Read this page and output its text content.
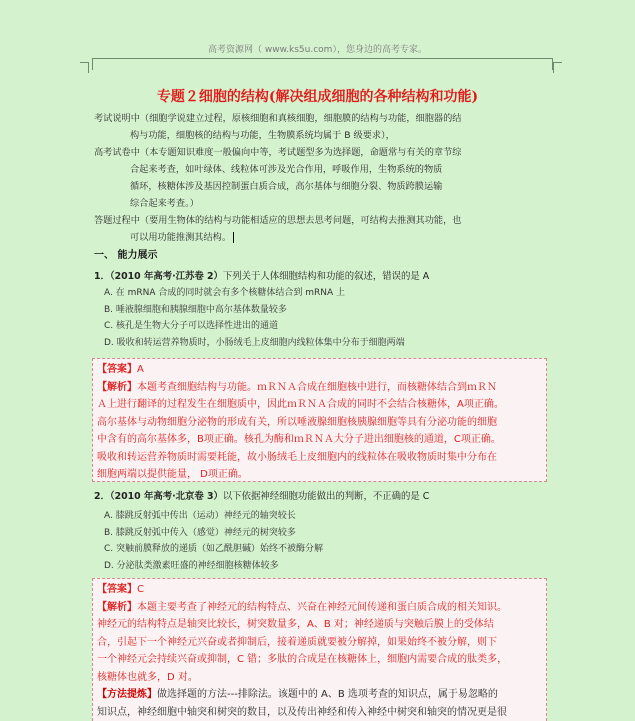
高考资源网（ www.ks5u.com），您身边的高考专家。
专题２细胞的结构(解决组成细胞的各种结构和功能)

考试说明中（细胞学说建立过程，原核细胞和真核细胞，细胞膜的结构与功能，细胞器的结

构与功能，细胞核的结构与功能，生物膜系统均属于 B 级要求），

高考试卷中（本专题知识难度一般偏向中等，考试题型多为选择题，命题常与有关的章节综

合起来考查，如叶绿体、线粒体可涉及光合作用，呼吸作用，生物系统的物质

循环，核糖体涉及基因控制蛋白质合成，高尔基体与细胞分裂、物质跨膜运输

综合起来考查。）

答题过程中（要用生物体的结构与功能相适应的思想去思考问题，可结构去推测其功能，也

可以用功能推测其结构。

一、 能力展示
1．（2010 年高考·江苏卷 2）下列关于人体细胞结构和功能的叙述，错误的是 A
A. 在 mRNA 合成的同时就会有多个核糖体结合到 mRNA 上
B. 唾液腺细胞和胰腺细胞中高尔基体数量较多
C. 核孔是生物大分子可以选择性进出的通道
D. 吸收和转运营养物质时，小肠绒毛上皮细胞内线粒体集中分布于细胞两端

【答案】A

【解析】本题考查细胞结构与功能。ｍＲＮＡ合成在细胞核中进行，而核糖体结合到ｍＲＮ

Ａ上进行翻译的过程发生在细胞质中，因此ｍＲＮＡ合成的同时不会结合核糖体，A项正确。

高尔基体与动物细胞分泌物的形成有关，所以唾液腺细胞核胰腺细胞等具有分泌功能的细胞

中含有的高尔基体多，B项正确。核孔为酶和ｍＲＮＡ大分子进出细胞核的通道，C项正确。

吸收和转运营养物质时需要耗能，故小肠绒毛上皮细胞内的线粒体在吸收物质时集中分布在

细胞两端以提供能量， D项正确。

2．（2010 年高考·北京卷 3）以下依据神经细胞功能做出的判断，不正确的是 C
A. 膝跳反射弧中传出（运动）神经元的轴突较长
B. 膝跳反射弧中传入（感觉）神经元的树突较多
C. 突触前膜释放的递质（如乙酰胆碱）始终不被酶分解
D. 分泌肽类激素旺盛的神经细胞核糖体较多

【答案】C

【解析】本题主要考查了神经元的结构特点、兴奋在神经元间传递和蛋白质合成的相关知识。

神经元的结构特点是轴突比较长，树突数量多，A、B 对；神经递质与突触后膜上的受体结

合，引起下一个神经元兴奋或者抑制后，接着递质就要被分解掉，如果始终不被分解，则下

一个神经元会持续兴奋或抑制，C 错；多肽的合成是在核糖体上，细胞内需要合成的肽类多，

核糖体也就多，D 对。

【方法提炼】做选择题的方法---排除法。该题中的 A、B 选项考查的知识点，属于易忽略的

知识点，神经细胞中轴突和树突的数目，以及传出神经和传入神经中树突和轴突的情况更是很
